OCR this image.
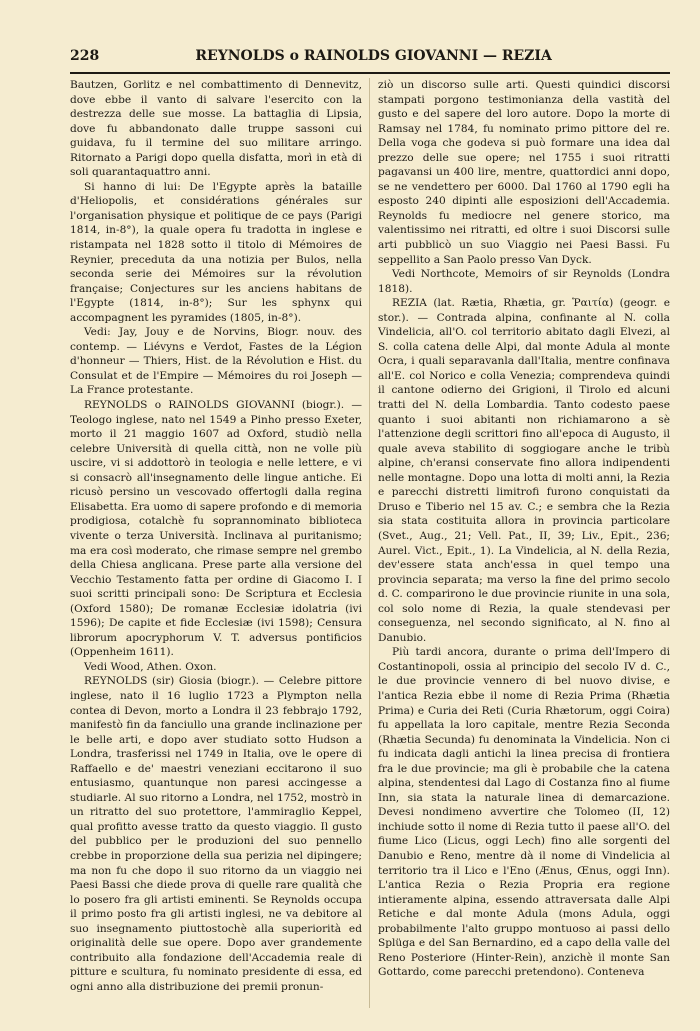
228	REYNOLDS o RAINOLDS GIOVANNI — REZIA

Bautzen, Gorlitz e nel combattimento di Dennevitz, dove ebbe il vanto di salvare l'esercito con la destrezza delle sue mosse. La battaglia di Lipsia, dove fu abbandonato dalle truppe sassoni cui guidava, fu il termine del suo militare arringo. Ritornato a Parigi dopo quella disfatta, morì in età di soli quarantaquattro anni.

Si hanno di lui: De l'Egypte après la bataille d'Heliopolis, et considérations générales sur l'organisation physique et politique de ce pays (Parigi 1814, in-8°), la quale opera fu tradotta in inglese e ristampata nel 1828 sotto il titolo di Mémoires de Reynier, preceduta da una notizia per Bulos, nella seconda serie dei Mémoires sur la révolution française; Conjectures sur les anciens habitans de l'Egypte (1814, in-8°); Sur les sphynx qui accompagnent les pyramides (1805, in-8°).

Vedi: Jay, Jouy e de Norvins, Biogr. nouv. des contemp. — Liévyns e Verdot, Fastes de la Légion d'honneur — Thiers, Hist. de la Révolution e Hist. du Consulat et de l'Empire — Mémoires du roi Joseph — La France protestante.

REYNOLDS o RAINOLDS GIOVANNI (biogr.). — Teologo inglese, nato nel 1549 a Pinho presso Exeter, morto il 21 maggio 1607 ad Oxford, studiò nella celebre Università di quella città, non ne volle più uscire, vi si addottorò in teologia e nelle lettere, e vi si consacrò all'insegnamento delle lingue antiche. Ei ricusò persino un vescovado offertogli dalla regina Elisabetta. Era uomo di sapere profondo e di memoria prodigiosa, cotalchè fu soprannominato biblioteca vivente o terza Università. Inclinava al puritanismo; ma era così moderato, che rimase sempre nel grembo della Chiesa anglicana. Prese parte alla versione del Vecchio Testamento fatta per ordine di Giacomo I. I suoi scritti principali sono: De Scriptura et Ecclesia (Oxford 1580); De romanæ Ecclesiæ idolatria (ivi 1596); De capite et fide Ecclesiæ (ivi 1598); Censura librorum apocryphorum V. T. adversus pontificios (Oppenheim 1611).

Vedi Wood, Athen. Oxon.

REYNOLDS (sir) Giosia (biogr.). — Celebre pittore inglese, nato il 16 luglio 1723 a Plympton nella contea di Devon, morto a Londra il 23 febbrajo 1792, manifestò fin da fanciullo una grande inclinazione per le belle arti, e dopo aver studiato sotto Hudson a Londra, trasferissi nel 1749 in Italia, ove le opere di Raffaello e de' maestri veneziani eccitarono il suo entusiasmo, quantunque non paresi accingesse a studiarle. Al suo ritorno a Londra, nel 1752, mostrò in un ritratto del suo protettore, l'ammiraglio Keppel, qual profitto avesse tratto da questo viaggio. Il gusto del pubblico per le produzioni del suo pennello crebbe in proporzione della sua perizia nel dipingere; ma non fu che dopo il suo ritorno da un viaggio nei Paesi Bassi che diede prova di quelle rare qualità che lo posero fra gli artisti eminenti. Se Reynolds occupa il primo posto fra gli artisti inglesi, ne va debitore al suo insegnamento piuttostochè alla superiorità ed originalità delle sue opere. Dopo aver grandemente contribuito alla fondazione dell'Accademia reale di pitture e scultura, fu nominato presidente di essa, ed ogni anno alla distribuzione dei premii pronun-

ziò un discorso sulle arti. Questi quindici discorsi stampati porgono testimonianza della vastità del gusto e del sapere del loro autore. Dopo la morte di Ramsay nel 1784, fu nominato primo pittore del re. Della voga che godeva si può formare una idea dal prezzo delle sue opere; nel 1755 i suoi ritratti pagavansi un 400 lire, mentre, quattordici anni dopo, se ne vendettero per 6000. Dal 1760 al 1790 egli ha esposto 240 dipinti alle esposizioni dell'Accademia. Reynolds fu mediocre nel genere storico, ma valentissimo nei ritratti, ed oltre i suoi Discorsi sulle arti pubblicò un suo Viaggio nei Paesi Bassi. Fu seppellito a San Paolo presso Van Dyck.

Vedi Northcote, Memoirs of sir Reynolds (Londra 1818).

REZIA (lat. Rætia, Rhætia, gr. Ῥαιτία) (geogr. e stor.). — Contrada alpina, confinante al N. colla Vindelicia, all'O. col territorio abitato dagli Elvezi, al S. colla catena delle Alpi, dal monte Adula al monte Ocra, i quali separavanla dall'Italia, mentre confinava all'E. col Norico e colla Venezia; comprendeva quindi il cantone odierno dei Grigioni, il Tirolo ed alcuni tratti del N. della Lombardia. Tanto codesto paese quanto i suoi abitanti non richiamarono a sè l'attenzione degli scrittori fino all'epoca di Augusto, il quale aveva stabilito di soggiogare anche le tribù alpine, ch'eransi conservate fino allora indipendenti nelle montagne. Dopo una lotta di molti anni, la Rezia e parecchi distretti limitrofi furono conquistati da Druso e Tiberio nel 15 av. C.; e sembra che la Rezia sia stata costituita allora in provincia particolare (Svet., Aug., 21; Vell. Pat., II, 39; Liv., Epit., 236; Aurel. Vict., Epit., 1). La Vindelicia, al N. della Rezia, dev'essere stata anch'essa in quel tempo una provincia separata; ma verso la fine del primo secolo d. C. comparirono le due provincie riunite in una sola, col solo nome di Rezia, la quale stendevasi per conseguenza, nel secondo significato, al N. fino al Danubio.

Più tardi ancora, durante o prima dell'Impero di Costantinopoli, ossia al principio del secolo IV d. C., le due provincie vennero di bel nuovo divise, e l'antica Rezia ebbe il nome di Rezia Prima (Rhætia Prima) e Curia dei Reti (Curia Rhætorum, oggi Coira) fu appellata la loro capitale, mentre Rezia Seconda (Rhætia Secunda) fu denominata la Vindelicia. Non ci fu indicata dagli antichi la linea precisa di frontiera fra le due provincie; ma gli è probabile che la catena alpina, stendentesi dal Lago di Costanza fino al fiume Inn, sia stata la naturale linea di demarcazione. Devesi nondimeno avvertire che Tolomeo (II, 12) inchiude sotto il nome di Rezia tutto il paese all'O. del fiume Lico (Licus, oggi Lech) fino alle sorgenti del Danubio e Reno, mentre dà il nome di Vindelicia al territorio tra il Lico e l'Eno (Ænus, Œnus, oggi Inn). L'antica Rezia o Rezia Propria era regione intieramente alpina, essendo attraversata dalle Alpi Retiche e dal monte Adula (mons Adula, oggi probabilmente l'alto gruppo montuoso ai passi dello Splüga e del San Bernardino, ed a capo della valle del Reno Posteriore (Hinter-Rein), anzichè il monte San Gottardo, come parecchi pretendono). Conteneva
